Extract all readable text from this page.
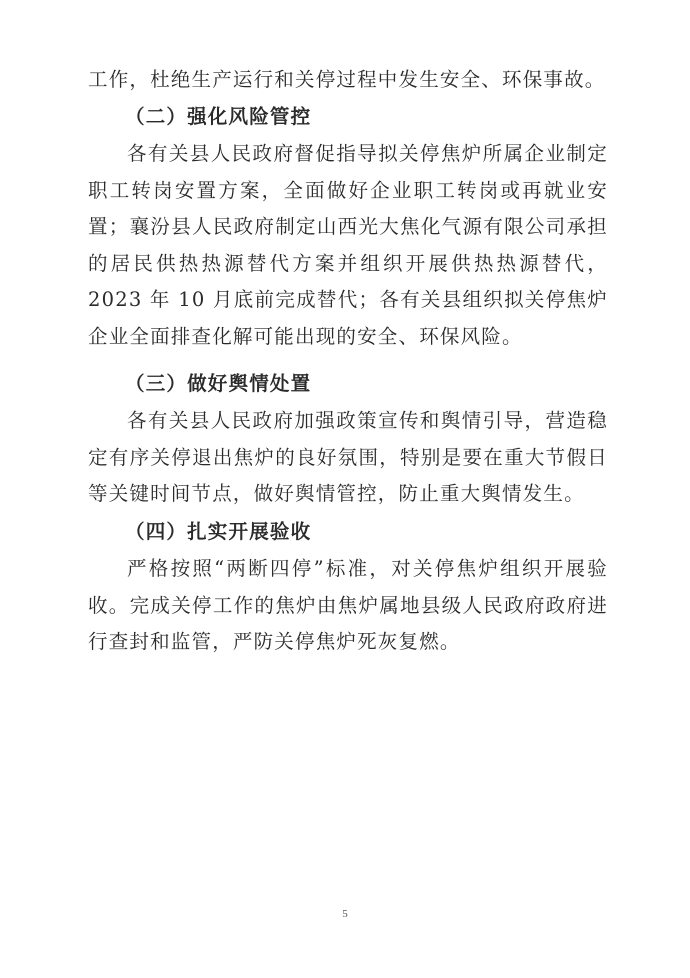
工作，杜绝生产运行和关停过程中发生安全、环保事故。

（二）强化风险管控

各有关县人民政府督促指导拟关停焦炉所属企业制定职工转岗安置方案，全面做好企业职工转岗或再就业安置；襄汾县人民政府制定山西光大焦化气源有限公司承担的居民供热热源替代方案并组织开展供热热源替代，2023 年 10 月底前完成替代；各有关县组织拟关停焦炉企业全面排查化解可能出现的安全、环保风险。

（三）做好舆情处置

各有关县人民政府加强政策宣传和舆情引导，营造稳定有序关停退出焦炉的良好氛围，特别是要在重大节假日等关键时间节点，做好舆情管控，防止重大舆情发生。

（四）扎实开展验收

严格按照“两断四停”标准，对关停焦炉组织开展验收。完成关停工作的焦炉由焦炉属地县级人民政府政府进行查封和监管，严防关停焦炉死灰复燃。

5
